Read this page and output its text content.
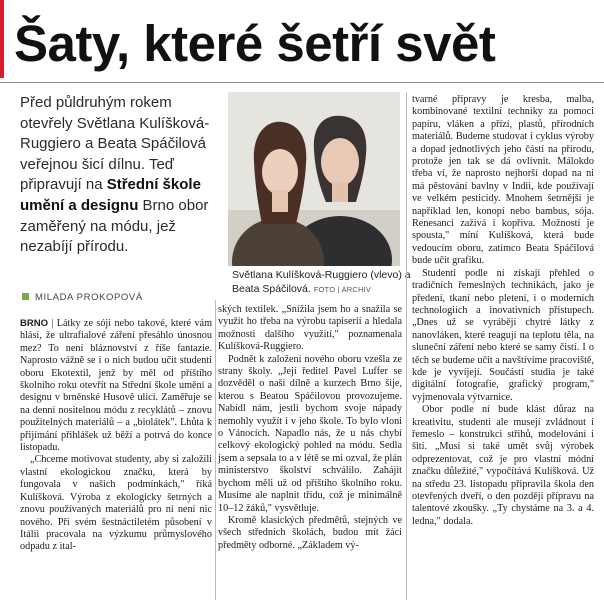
Šaty, které šetří svět

Před půldruhým rokem otevřely Světlana Kulíšková-Ruggiero a Beata Spáčilová veřejnou šicí dílnu. Teď připravují na Střední škole umění a designu Brno obor zaměřený na módu, jež nezabíjí přírodu.

Světlana Kulíšková-Ruggiero (vlevo) a Beata Spáčilová. FOTO | ARCHIV
MILADA PROKOPOVÁ

BRNO | Látky ze sóji nebo takové, které vám hlásí, že ultrafialové záření přesáhlo únosnou mez? To není bláznovství z říše fantazie. Naprosto vážně se i o nich budou učit studenti oboru Ekotextil, jenž by měl od příštího školního roku otevřít na Střední škole umění a designu v brněnské Husově ulici. Zaměřuje se na denní nositelnou módu z recyklátů – znovu použitelných materiálů – a „biolátek". Lhůta k přijímání přihlášek už běží a potrvá do konce listopadu.

„Chceme motivovat studenty, aby si založili vlastní ekologickou značku, která by fungovala v našich podmínkách," říká Kulíšková. Výroba z ekologicky šetrných a znovu používaných materiálů pro ni není nic nového. Při svém šestnáctiletém působení v Itálii pracovala na výzkumu průmyslového odpadu z ital-

ských textilek. „Snížila jsem ho a snažila se využít ho třeba na výrobu tapiserií a hledala možnosti dalšího využití," poznamenala Kulíšková-Ruggiero.

Podnět k založení nového oboru vzešla ze strany školy. „Její ředitel Pavel Luffer se dozvěděl o naší dílně a kurzech Brno šije, kterou s Beatou Spáčilovou provozujeme. Nabídl nám, jestli bychom svoje nápady nemohly využít i v jeho škole. To bylo vloni o Vánocích. Napadlo nás, že u nás chybí celkový ekologický pohled na módu. Sedla jsem a sepsala to a v létě se mi ozval, že plán ministerstvo školství schválilo. Zahájit bychom měli už od příštího školního roku. Musíme ale naplnit třídu, což je minimálně 10–12 žáků," vysvětluje.

Kromě klasických předmětů, stejných ve všech středních školách, budou mít žáci předměty odborné. „Základem vý-

tvarné přípravy je kresba, malba, kombinované textilní techniky za pomoci papíru, vláken a přízí, plastů, přírodních materiálů. Budeme studovat i cyklus výroby a dopad jednotlivých jeho částí na přírodu, protože jen tak se dá ovlivnit. Málokdo třeba ví, že naprosto nejhorší dopad na ni má pěstování bavlny v Indii, kde používají ve velkém pesticidy. Mnohem šetrnější je například len, konopí nebo bambus, sója. Renesanci zažívá i kopřiva. Možností je spousta," míní Kulíšková, která bude vedoucím oboru, zatímco Beata Spáčilová bude učit grafiku.

Studenti podle ní získají přehled o tradičních řemeslných technikách, jako je předení, tkaní nebo pletení, i o moderních technologiích a inovativních přístupech. „Dnes už se vyrábějí chytré látky z nanovláken, které reagují na teplotu těla, na sluneční záření nebo které se samy čistí. I o těch se budeme učit a navštívíme pracoviště, kde je vyvíjejí. Součástí studia je také digitální fotografie, grafický program," vyjmenovala výtvarnice.

Obor podle ní bude klást důraz na kreativitu, studenti ale musejí zvládnout i řemeslo – konstrukci střihů, modelování i šití. „Musí si také umět svůj výrobek odprezentovat, což je pro vlastní módní značku důležité," vypočítává Kulíšková. Už na středu 23. listopadu připravila škola den otevřených dveří, o den později přípravu na talentové zkoušky. „Ty chystáme na 3. a 4. ledna," dodala.
